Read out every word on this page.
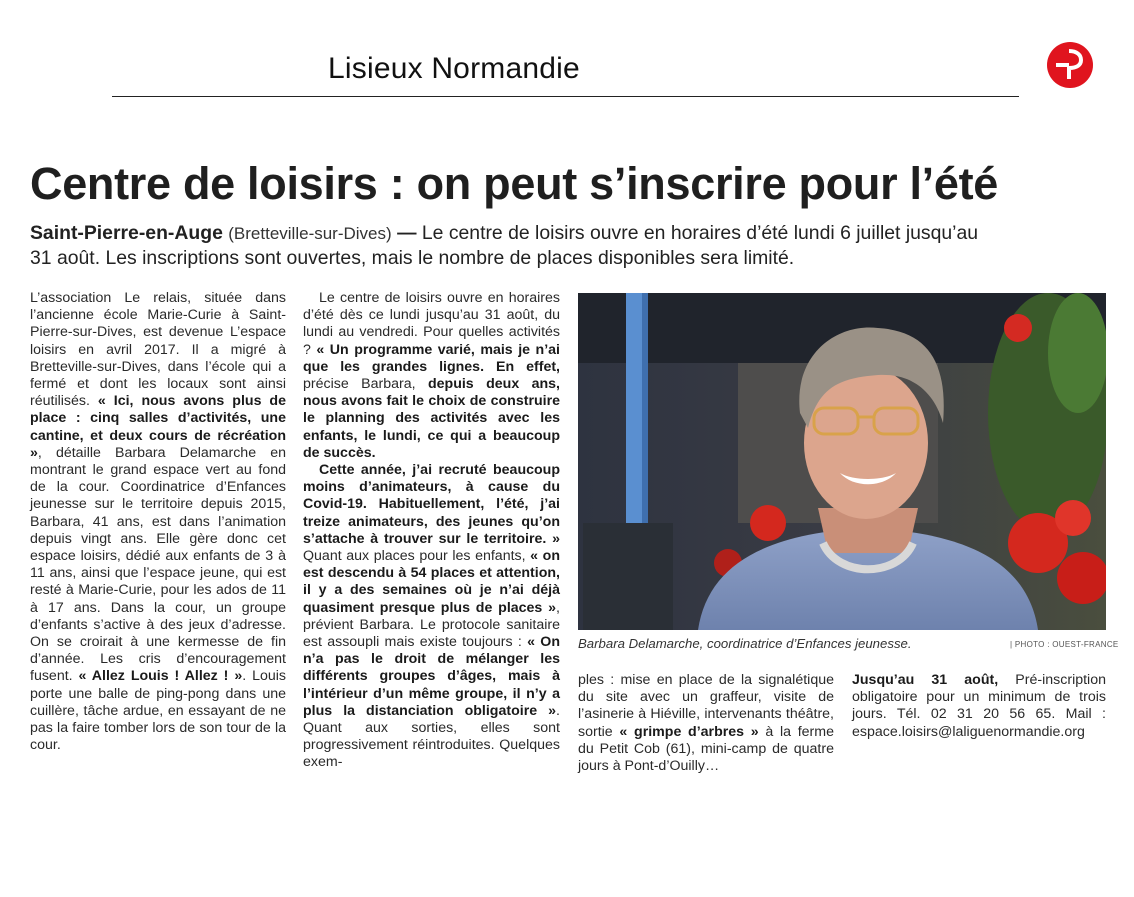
Lisieux Normandie
Centre de loisirs : on peut s’inscrire pour l’été
Saint-Pierre-en-Auge (Bretteville-sur-Dives) — Le centre de loisirs ouvre en horaires d’été lundi 6 juillet jusqu’au 31 août. Les inscriptions sont ouvertes, mais le nombre de places disponibles sera limité.

L’association Le relais, située dans l’ancienne école Marie-Curie à Saint-Pierre-sur-Dives, est devenue L’espace loisirs en avril 2017. Il a migré à Bretteville-sur-Dives, dans l’école qui a fermé et dont les locaux sont ainsi réutilisés. « Ici, nous avons plus de place : cinq salles d’activités, une cantine, et deux cours de récréation », détaille Barbara Delamarche en montrant le grand espace vert au fond de la cour. Coordinatrice d’Enfances jeunesse sur le territoire depuis 2015, Barbara, 41 ans, est dans l’animation depuis vingt ans. Elle gère donc cet espace loisirs, dédié aux enfants de 3 à 11 ans, ainsi que l’espace jeune, qui est resté à Marie-Curie, pour les ados de 11 à 17 ans. Dans la cour, un groupe d’enfants s’active à des jeux d’adresse. On se croirait à une kermesse de fin d’année. Les cris d’encouragement fusent. « Allez Louis ! Allez ! ». Louis porte une balle de ping-pong dans une cuillère, tâche ardue, en essayant de ne pas la faire tomber lors de son tour de la cour.

Le centre de loisirs ouvre en horaires d’été dès ce lundi jusqu’au 31 août, du lundi au vendredi. Pour quelles activités ? « Un programme varié, mais je n’ai que les grandes lignes. En effet, précise Barbara, depuis deux ans, nous avons fait le choix de construire le planning des activités avec les enfants, le lundi, ce qui a beaucoup de succès.

Cette année, j’ai recruté beaucoup moins d’animateurs, à cause du Covid-19. Habituellement, l’été, j’ai treize animateurs, des jeunes qu’on s’attache à trouver sur le territoire. » Quant aux places pour les enfants, « on est descendu à 54 places et attention, il y a des semaines où je n’ai déjà quasiment presque plus de places », prévient Barbara. Le protocole sanitaire est assoupli mais existe toujours : « On n’a pas le droit de mélanger les différents groupes d’âges, mais à l’intérieur d’un même groupe, il n’y a plus la distanciation obligatoire ». Quant aux sorties, elles sont progressivement réintroduites. Quelques exem-

Barbara Delamarche, coordinatrice d’Enfances jeunesse.	| PHOTO : OUEST-FRANCE

ples : mise en place de la signalétique du site avec un graffeur, visite de l’asinerie à Hiéville, intervenants théâtre, sortie « grimpe d’arbres » à la ferme du Petit Cob (61), mini-camp de quatre jours à Pont-d’Ouilly…

Jusqu’au 31 août, Pré-inscription obligatoire pour un minimum de trois jours. Tél. 02 31 20 56 65. Mail : espace.loisirs@laliguenormandie.org
